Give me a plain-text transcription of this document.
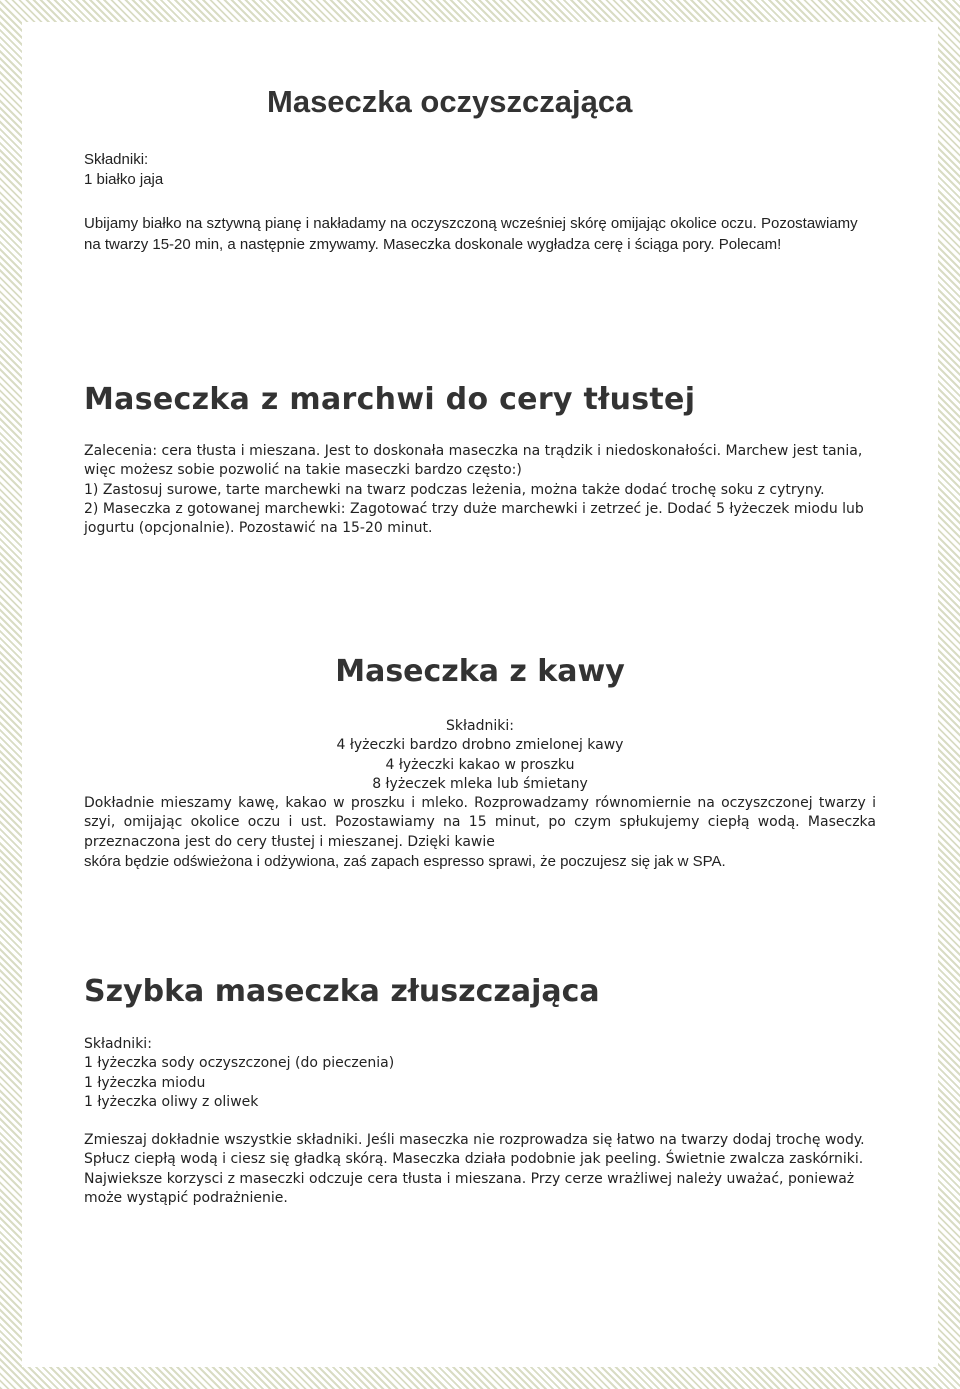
Maseczka oczyszczająca
Składniki:
1 białko jaja

Ubijamy białko na sztywną pianę i nakładamy na oczyszczoną wcześniej skórę omijając okolice oczu. Pozostawiamy na twarzy 15-20 min, a następnie zmywamy. Maseczka doskonale wygładza cerę i ściąga pory. Polecam!

Maseczka z marchwi do cery tłustej

Zalecenia: cera tłusta i mieszana. Jest to doskonała maseczka na trądzik i niedoskonałości. Marchew jest tania, więc możesz sobie pozwolić na takie maseczki bardzo często:)

1) Zastosuj surowe, tarte marchewki na twarz podczas leżenia, można także dodać trochę soku z cytryny.

2) Maseczka z gotowanej marchewki: Zagotować trzy duże marchewki i zetrzeć je. Dodać 5 łyżeczek miodu lub jogurtu (opcjonalnie). Pozostawić na 15-20 minut.

Maseczka z kawy
Składniki:
4 łyżeczki bardzo drobno zmielonej kawy
4 łyżeczki kakao w proszku
8 łyżeczek mleka lub śmietany
Dokładnie mieszamy kawę, kakao w proszku i mleko. Rozprowadzamy równomiernie na oczyszczonej twarzy i szyi, omijając okolice oczu i ust. Pozostawiamy na 15 minut, po czym spłukujemy ciepłą wodą. Maseczka przeznaczona jest do cery tłustej i mieszanej. Dzięki kawie
skóra będzie odświeżona i odżywiona, zaś zapach espresso sprawi, że poczujesz się jak w SPA.
Szybka maseczka złuszczająca
Składniki:
1 łyżeczka sody oczyszczonej (do pieczenia)
1 łyżeczka miodu
1 łyżeczka oliwy z oliwek

Zmieszaj dokładnie wszystkie składniki. Jeśli maseczka nie rozprowadza się łatwo na twarzy dodaj trochę wody. Spłucz ciepłą wodą i ciesz się gładką skórą. Maseczka działa podobnie jak peeling. Świetnie zwalcza zaskórniki. Najwieksze korzysci z maseczki odczuje cera tłusta i mieszana. Przy cerze wrażliwej należy uważać, ponieważ może wystąpić podrażnienie.
